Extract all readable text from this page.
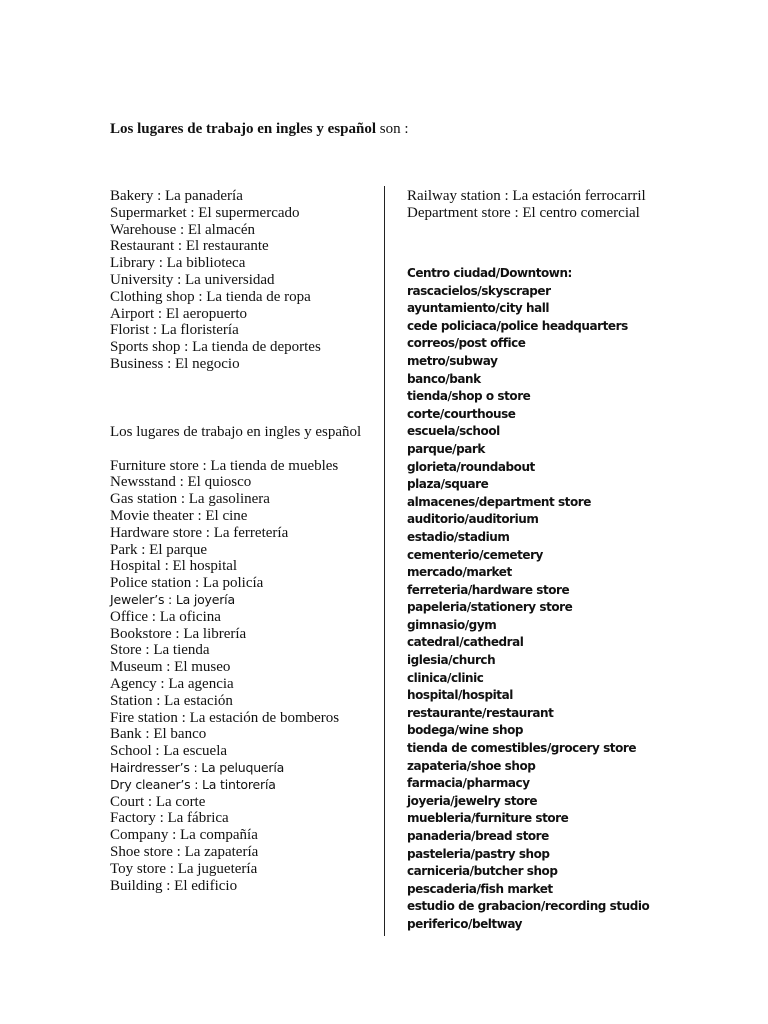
Los lugares de trabajo en ingles y español son :
Bakery : La panadería
Supermarket : El supermercado
Warehouse : El almacén
Restaurant : El restaurante
Library : La biblioteca
University : La universidad
Clothing shop : La tienda de ropa
Airport : El aeropuerto
Florist : La floristería
Sports shop : La tienda de deportes
Business : El negocio
Los lugares de trabajo en ingles y español
Furniture store : La tienda de muebles
Newsstand : El quiosco
Gas station : La gasolinera
Movie theater : El cine
Hardware store : La ferretería
Park : El parque
Hospital : El hospital
Police station : La policía
Jeweler’s : La joyería
Office : La oficina
Bookstore : La librería
Store : La tienda
Museum : El museo
Agency : La agencia
Station : La estación
Fire station : La estación de bomberos
Bank : El banco
School : La escuela
Hairdresser’s : La peluquería
Dry cleaner’s : La tintorería
Court : La corte
Factory : La fábrica
Company : La compañía
Shoe store : La zapatería
Toy store : La juguetería
Building : El edificio
Railway station : La estación ferrocarril
Department store : El centro comercial
Centro ciudad/Downtown:
rascacielos/skyscraper
ayuntamiento/city hall
cede policiaca/police headquarters
correos/post office
metro/subway
banco/bank
tienda/shop o store
corte/courthouse
escuela/school
parque/park
glorieta/roundabout
plaza/square
almacenes/department store
auditorio/auditorium
estadio/stadium
cementerio/cemetery
mercado/market
ferreteria/hardware store
papeleria/stationery store
gimnasio/gym
catedral/cathedral
iglesia/church
clinica/clinic
hospital/hospital
restaurante/restaurant
bodega/wine shop
tienda de comestibles/grocery store
zapateria/shoe shop
farmacia/pharmacy
joyeria/jewelry store
muebleria/furniture store
panaderia/bread store
pasteleria/pastry shop
carniceria/butcher shop
pescaderia/fish market
estudio de grabacion/recording studio
periferico/beltway
